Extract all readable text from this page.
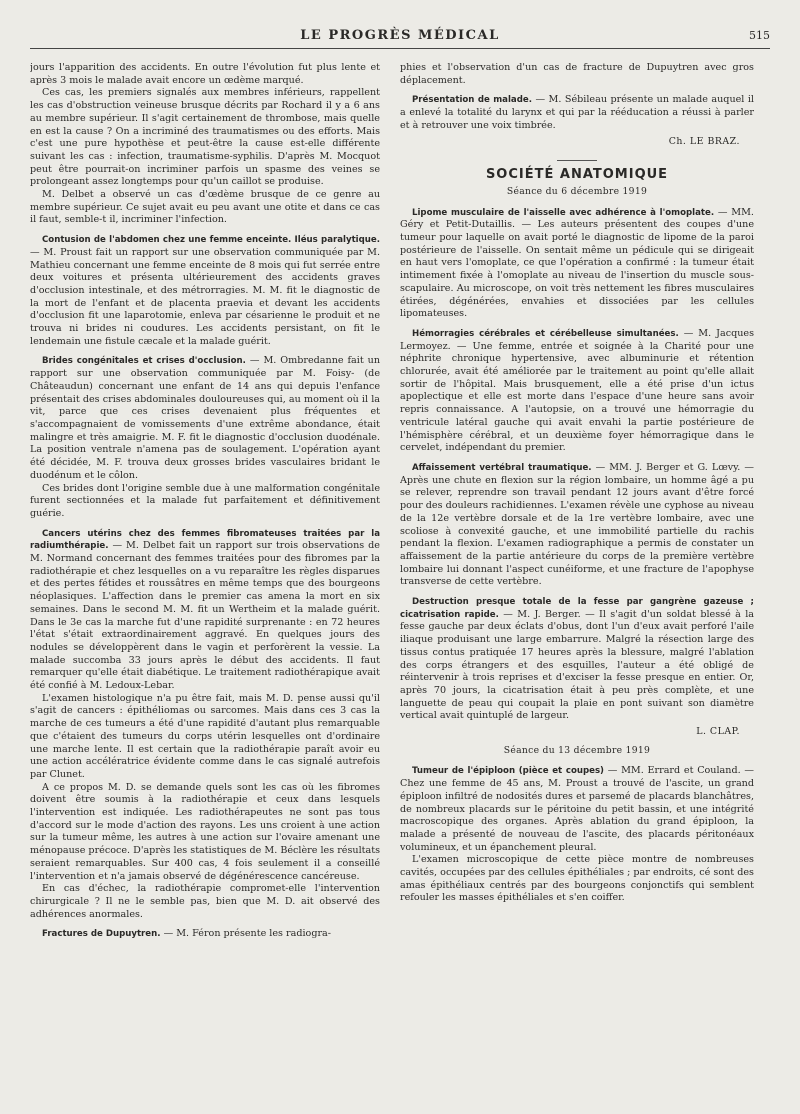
LE PROGRÈS MÉDICAL	515

jours l'apparition des accidents. En outre l'évolution fut plus lente et après 3 mois le malade avait encore un œdème marqué.

Ces cas, les premiers signalés aux membres inférieurs, rappellent les cas d'obstruction veineuse brusque décrits par Rochard il y a 6 ans au membre supérieur. Il s'agit certainement de thrombose, mais quelle en est la cause ? On a incriminé des traumatismes ou des efforts. Mais c'est une pure hypothèse et peut-être la cause est-elle différente suivant les cas : infection, traumatisme-syphilis. D'après M. Mocquot peut être pourrait-on incriminer parfois un spasme des veines se prolongeant assez longtemps pour qu'un caillot se produise.

M. Delbet a observé un cas d'œdème brusque de ce genre au membre supérieur. Ce sujet avait eu peu avant une otite et dans ce cas il faut, semble-t il, incriminer l'infection.

Contusion de l'abdomen chez une femme enceinte. Iléus paralytique. — M. Proust fait un rapport sur une observation communiquée par M. Mathieu concernant une femme enceinte de 8 mois qui fut serrée entre deux voitures et présenta ultérieurement des accidents graves d'occlusion intestinale, et des métrorragies. M. M. fit le diagnostic de la mort de l'enfant et de placenta praevia et devant les accidents d'occlusion fit une laparotomie, enleva par césarienne le produit et ne trouva ni brides ni coudures. Les accidents persistant, on fit le lendemain une fistule cæcale et la malade guérit.

Brides congénitales et crises d'occlusion. — M. Ombredanne fait un rapport sur une observation communiquée par M. Foisy- (de Châteaudun) concernant une enfant de 14 ans qui depuis l'enfance présentait des crises abdominales douloureuses qui, au moment où il la vit, parce que ces crises devenaient plus fréquentes et s'accompagnaient de vomissements d'une extrême abondance, était malingre et très amaigrie. M. F. fit le diagnostic d'occlusion duodénale. La position ventrale n'amena pas de soulagement. L'opération ayant été décidée, M. F. trouva deux grosses brides vasculaires bridant le duodénum et le côlon.

Ces brides dont l'origine semble due à une malformation congénitale furent sectionnées et la malade fut parfaitement et définitivement guérie.

Cancers utérins chez des femmes fibromateuses traitées par la radiumthérapie. — M. Delbet fait un rapport sur trois observations de M. Normand concernant des femmes traitées pour des fibromes par la radiothérapie et chez lesquelles on a vu reparaître les règles disparues et des pertes fétides et roussâtres en même temps que des bourgeons néoplasiques. L'affection dans le premier cas amena la mort en six semaines. Dans le second M. M. fit un Wertheim et la malade guérit. Dans le 3e cas la marche fut d'une rapidité surprenante : en 72 heures l'état s'était extraordinairement aggravé. En quelques jours des nodules se développèrent dans le vagin et perforèrent la vessie. La malade succomba 33 jours après le début des accidents. Il faut remarquer qu'elle était diabétique. Le traitement radiothérapique avait été confié à M. Ledoux-Lebar.

L'examen histologique n'a pu être fait, mais M. D. pense aussi qu'il s'agit de cancers : épithéliomas ou sarcomes. Mais dans ces 3 cas la marche de ces tumeurs a été d'une rapidité d'autant plus remarquable que c'étaient des tumeurs du corps utérin lesquelles ont d'ordinaire une marche lente. Il est certain que la radiothérapie paraît avoir eu une action accélératrice évidente comme dans le cas signalé autrefois par Clunet.

A ce propos M. D. se demande quels sont les cas où les fibromes doivent être soumis à la radiothérapie et ceux dans lesquels l'intervention est indiquée. Les radiothérapeutes ne sont pas tous d'accord sur le mode d'action des rayons. Les uns croient à une action sur la tumeur même, les autres à une action sur l'ovaire amenant une ménopause précoce. D'après les statistiques de M. Béclère les résultats seraient remarquables. Sur 400 cas, 4 fois seulement il a conseillé l'intervention et n'a jamais observé de dégénérescence cancéreuse.

En cas d'échec, la radiothérapie compromet-elle l'intervention chirurgicale ? Il ne le semble pas, bien que M. D. ait observé des adhérences anormales.

Fractures de Dupuytren. — M. Féron présente les radiogra-

phies et l'observation d'un cas de fracture de Dupuytren avec gros déplacement.

Présentation de malade. — M. Sébileau présente un malade auquel il a enlevé la totalité du larynx et qui par la rééducation a réussi à parler et à retrouver une voix timbrée.

Ch. LE BRAZ.
SOCIÉTÉ ANATOMIQUE
Séance du 6 décembre 1919

Lipome musculaire de l'aisselle avec adhérence à l'omoplate. — MM. Géry et Petit-Dutaillis. — Les auteurs présentent des coupes d'une tumeur pour laquelle on avait porté le diagnostic de lipome de la paroi postérieure de l'aisselle. On sentait même un pédicule qui se dirigeait en haut vers l'omoplate, ce que l'opération a confirmé : la tumeur était intimement fixée à l'omoplate au niveau de l'insertion du muscle sous-scapulaire. Au microscope, on voit très nettement les fibres musculaires étirées, dégénérées, envahies et dissociées par les cellules lipomateuses.

Hémorragies cérébrales et cérébelleuse simultanées. — M. Jacques Lermoyez. — Une femme, entrée et soignée à la Charité pour une néphrite chronique hypertensive, avec albuminurie et rétention chlorurée, avait été améliorée par le traitement au point qu'elle allait sortir de l'hôpital. Mais brusquement, elle a été prise d'un ictus apoplectique et elle est morte dans l'espace d'une heure sans avoir repris connaissance. A l'autopsie, on a trouvé une hémorragie du ventricule latéral gauche qui avait envahi la partie postérieure de l'hémisphère cérébral, et un deuxième foyer hémorragique dans le cervelet, indépendant du premier.

Affaissement vertébral traumatique. — MM. J. Berger et G. Lœvy. — Après une chute en flexion sur la région lombaire, un homme âgé a pu se relever, reprendre son travail pendant 12 jours avant d'être forcé pour des douleurs rachidiennes. L'examen révèle une cyphose au niveau de la 12e vertèbre dorsale et de la 1re vertèbre lombaire, avec une scoliose à convexité gauche, et une immobilité partielle du rachis pendant la flexion. L'examen radiographique a permis de constater un affaissement de la partie antérieure du corps de la première vertèbre lombaire lui donnant l'aspect cunéiforme, et une fracture de l'apophyse transverse de cette vertèbre.

Destruction presque totale de la fesse par gangrène gazeuse ; cicatrisation rapide. — M. J. Berger. — Il s'agit d'un soldat blessé à la fesse gauche par deux éclats d'obus, dont l'un d'eux avait perforé l'aile iliaque produisant une large embarrure. Malgré la résection large des tissus contus pratiquée 17 heures après la blessure, malgré l'ablation des corps étrangers et des esquilles, l'auteur a été obligé de réintervenir à trois reprises et d'exciser la fesse presque en entier. Or, après 70 jours, la cicatrisation était à peu près complète, et une languette de peau qui coupait la plaie en pont suivant son diamètre vertical avait quintuplé de largeur.

L. CLAP.
Séance du 13 décembre 1919

Tumeur de l'épiploon (pièce et coupes) — MM. Errard et Couland. — Chez une femme de 45 ans, M. Proust a trouvé de l'ascite, un grand épiploon infiltré de nodosités dures et parsemé de placards blanchâtres, de nombreux placards sur le péritoine du petit bassin, et une intégrité macroscopique des organes. Après ablation du grand épiploon, la malade a présenté de nouveau de l'ascite, des placards péritonéaux volumineux, et un épanchement pleural.

L'examen microscopique de cette pièce montre de nombreuses cavités, occupées par des cellules épithéliales ; par endroits, cé sont des amas épithéliaux centrés par des bourgeons conjonctifs qui semblent refouler les masses épithéliales et s'en coiffer.
